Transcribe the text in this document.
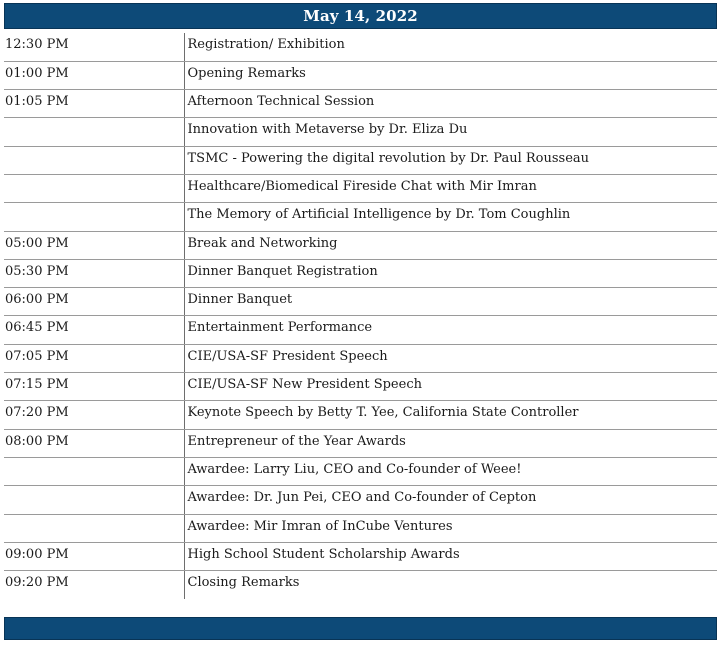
May 14, 2022
12:30 PM	Registration/ Exhibition
01:00 PM	Opening Remarks
01:05 PM	Afternoon Technical Session
	Innovation with Metaverse by Dr. Eliza Du
	TSMC - Powering the digital revolution by Dr. Paul Rousseau
	Healthcare/Biomedical Fireside Chat with Mir Imran
	The Memory of Artificial Intelligence by Dr. Tom Coughlin
05:00 PM	Break and Networking
05:30 PM	Dinner Banquet Registration
06:00 PM	Dinner Banquet
06:45 PM	Entertainment Performance
07:05 PM	CIE/USA-SF President Speech
07:15 PM	CIE/USA-SF New President Speech
07:20 PM	Keynote Speech by Betty T. Yee, California State Controller
08:00 PM	Entrepreneur of the Year Awards
	Awardee: Larry Liu, CEO and Co-founder of Weee!
	Awardee: Dr. Jun Pei, CEO and Co-founder of Cepton
	Awardee: Mir Imran of InCube Ventures
09:00 PM	High School Student Scholarship Awards
09:20 PM	Closing Remarks
